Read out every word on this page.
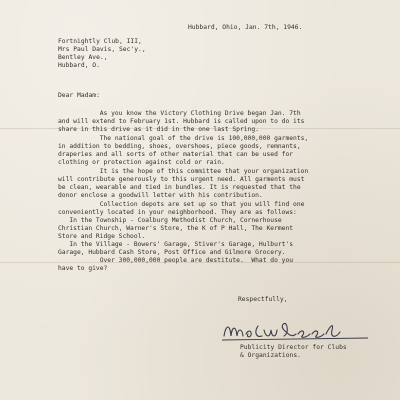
Hubbard, Ohio, Jan. 7th, 1946.
Fortnightly Club, III,
Mrs Paul Davis, Sec'y.,
Bentley Ave.,
Hubbard, O.
Dear Madam:
As you know the Victory Clothing Drive began Jan. 7th
and will extend to February 1st. Hubbard is called upon to do its
share in this drive as it did in the one last Spring.
The national goal of the drive is 100,000,000 garments,
in addition to bedding, shoes, overshoes, piece goods, remnants,
draperies and all sorts of other material that can be used for
clothing or protection against cold or rain.
It is the hope of this committee that your organization
will contribute generously to this urgent need. All garments must
be clean, wearable and tied in bundles. It is requested that the
donor enclose a goodwill letter with his contribution.
Collection depots are set up so that you will find one
conveniently located in your neighborhood. They are as follows:
In the Township - Coalburg Methodist Church, Cornerhouse
Christian Church, Warner's Store, the K of P Hall, The Kerment
Store and Ridge School.
In the Village - Bowers' Garage, Stiver's Garage, Hulburt's
Garage, Hubbard Cash Store, Post Office and Gilmore Grocery.
Over 300,000,000 people are destitute.  What do you
have to give?
Respectfully,
Publicity Director for Clubs
& Organizations.
